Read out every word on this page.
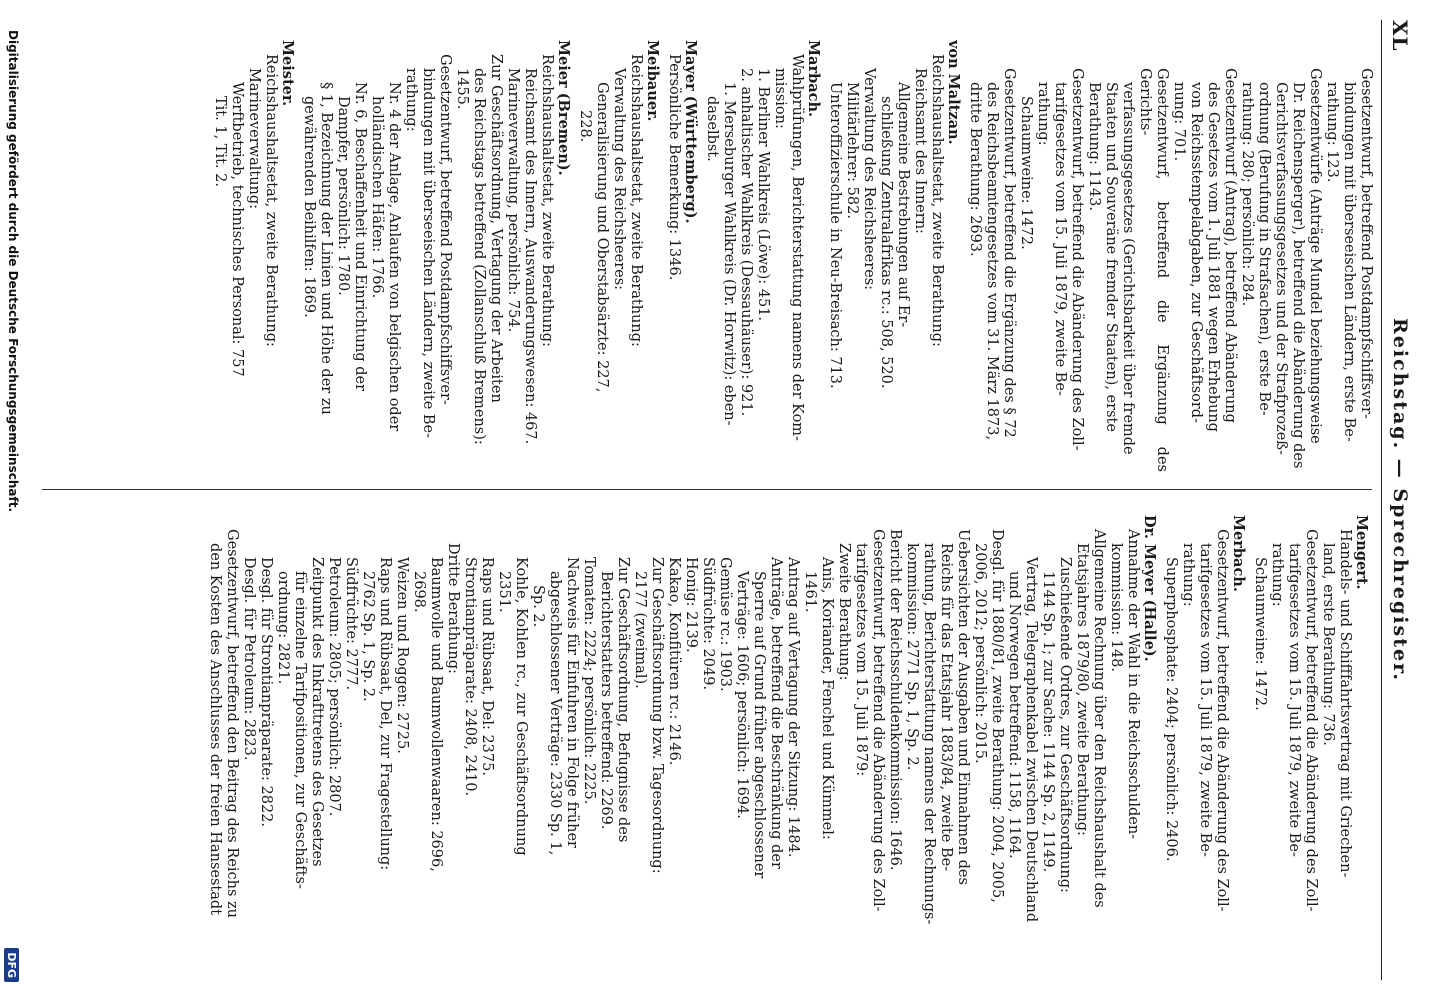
XL
Reichstag. — Sprechregister.

Gesetzentwurf, betreffend Postdampfschiffsver-

bindungen mit überseeischen Ländern, erste Be-

rathung: 123.

Gesetzentwürfe (Anträge Mundel beziehungsweise

Dr. Reichensperger), betreffend die Abänderung des

Gerichtsverfassungsgesetzes und der Strafprozeß-

ordnung (Berufung in Strafsachen), erste Be-

rathung: 280; persönlich: 284.

Gesetzentwurf (Antrag), betreffend Abänderung

des Gesetzes vom 1. Juli 1881 wegen Erhebung

von Reichsstempelabgaben, zur Geschäftsord-

nung: 701.

Gesetzentwurf, betreffend die Ergänzung des Gerichts-

verfassungsgesetzes (Gerichtsbarkeit über fremde

Staaten und Souveräne fremder Staaten), erste

Berathung: 1143.

Gesetzentwurf, betreffend die Abänderung des Zoll-

tarifgesetzes vom 15. Juli 1879, zweite Be-

rathung:

Schaumweine: 1472.

Gesetzentwurf, betreffend die Ergänzung des § 72

des Reichsbeamtengesetzes vom 31. März 1873,

dritte Berathung: 2693.

von Maltzan.

Reichshaushaltsetat, zweite Berathung:

Reichsamt des Innern:

Allgemeine Bestrebungen auf Er-

schließung Zentralafrikas rc.: 508, 520.

Verwaltung des Reichsheeres:

Militärlehrer: 582.

Unteroffizierschule in Neu-Breisach: 713.

Marbach.

Wahlprüfungen, Berichterstattung namens der Kom-

mission:

1. Berliner Wahlkreis (Löwe): 451.

2. anhaltischer Wahlkreis (Dessauhäuser): 921.

1. Merseburger Wahlkreis (Dr. Horwitz): eben-

daselbst.

Mayer (Württemberg).

Persönliche Bemerkung: 1346.

Meibauer.

Reichshaushaltsetat, zweite Berathung:

Verwaltung des Reichsheeres:

Generalisierung und Oberstabsärzte: 227,

228.

Meier (Bremen).

Reichshaushaltsetat, zweite Berathung:

Reichsamt des Innern, Auswanderungswesen: 467.

Marineverwaltung, persönlich: 754.

Zur Geschäftsordnung, Vertagung der Arbeiten

des Reichstags betreffend (Zollanschluß Bremens):

1455.

Gesetzentwurf, betreffend Postdampfschiffsver-

bindungen mit überseeischen Ländern, zweite Be-

rathung:

Nr. 4 der Anlage, Anlaufen von belgischen oder

holländischen Häfen: 1766.

Nr. 6, Beschaffenheit und Einrichtung der

Dampfer, persönlich: 1780.

§ 1, Bezeichnung der Linien und Höhe der zu

gewährenden Beihilfen: 1869.

Meister.

Reichshaushaltsetat, zweite Berathung:

Marineverwaltung:

Werftbetrieb, technisches Personal: 757

Tit. 1, Tit. 2.

Mengert.

Handels- und Schifffahrtsvertrag mit Griechen-

land, erste Berathung: 736.

Gesetzentwurf, betreffend die Abänderung des Zoll-

tarifgesetzes vom 15. Juli 1879, zweite Be-

rathung:

Schaumweine: 1472.

Merbach.

Gesetzentwurf, betreffend die Abänderung des Zoll-

tarifgesetzes vom 15. Juli 1879, zweite Be-

rathung:

Superphosphate: 2404; persönlich: 2406.

Dr. Meyer (Halle).

Annahme der Wahl in die Reichsschulden-

kommission: 148.

Allgemeine Rechnung über den Reichshaushalt des

Etatsjahres 1879/80, zweite Berathung:

Zuschießende Ordres, zur Geschäftsordnung:

1144 Sp. 1; zur Sache: 1144 Sp. 2, 1149.

Vertrag, Telegraphenkabel zwischen Deutschland

und Norwegen betreffend: 1158, 1164.

Desgl. für 1880/81, zweite Berathung: 2004, 2005,

2006, 2012; persönlich: 2015.

Uebersichten der Ausgaben und Einnahmen des

Reichs für das Etatsjahr 1883/84, zweite Be-

rathung, Berichterstattung namens der Rechnungs-

kommission: 2771 Sp. 1, Sp. 2.

Bericht der Reichsschuldenkommission: 1646.

Gesetzentwurf, betreffend die Abänderung des Zoll-

tarifgesetzes vom 15. Juli 1879:

Zweite Berathung:

Anis, Koriander, Fenchel und Kümmel:

1461.

Antrag auf Vertagung der Sitzung: 1484.

Anträge, betreffend die Beschränkung der

Sperre auf Grund früher abgeschlossener

Verträge: 1606; persönlich: 1694.

Gemüse rc.: 1903.

Südfrüchte: 2049.

Honig: 2139.

Kakao, Konfitüren rc.: 2146.

Zur Geschäftsordnung bzw. Tagesordnung:

2177 (zweimal).

Zur Geschäftsordnung, Befugnisse des

Berichterstatters betreffend: 2269.

Tomaten: 2224; persönlich: 2225.

Nachweis für Einfuhren in Folge früher

abgeschlossener Verträge: 2330 Sp. 1,

Sp. 2.

Kohle, Kohlen rc., zur Geschäftsordnung

2351.

Raps und Rübsaat, Del: 2375.

Strontianpräparate: 2408, 2410.

Dritte Berathung:

Baumwolle und Baumwollenwaaren: 2696,

2698.

Weizen und Roggen: 2725.

Raps und Rübsaat, Del, zur Fragestellung:

2762 Sp. 1, Sp. 2.

Südfrüchte: 2777.

Petroleum: 2805; persönlich: 2807.

Zeitpunkt des Inkrafttretens des Gesetzes

für einzelne Tarifpositionen, zur Geschäfts-

ordnung: 2821.

Desgl. für Strontianpräparate: 2822.

Desgl. für Petroleum: 2823.

Gesetzentwurf, betreffend den Beitrag des Reichs zu

den Kosten des Anschlusses der freien Hansestadt

Digitalisierung gefördert durch die Deutsche Forschungsgemeinschaft.
DFG
